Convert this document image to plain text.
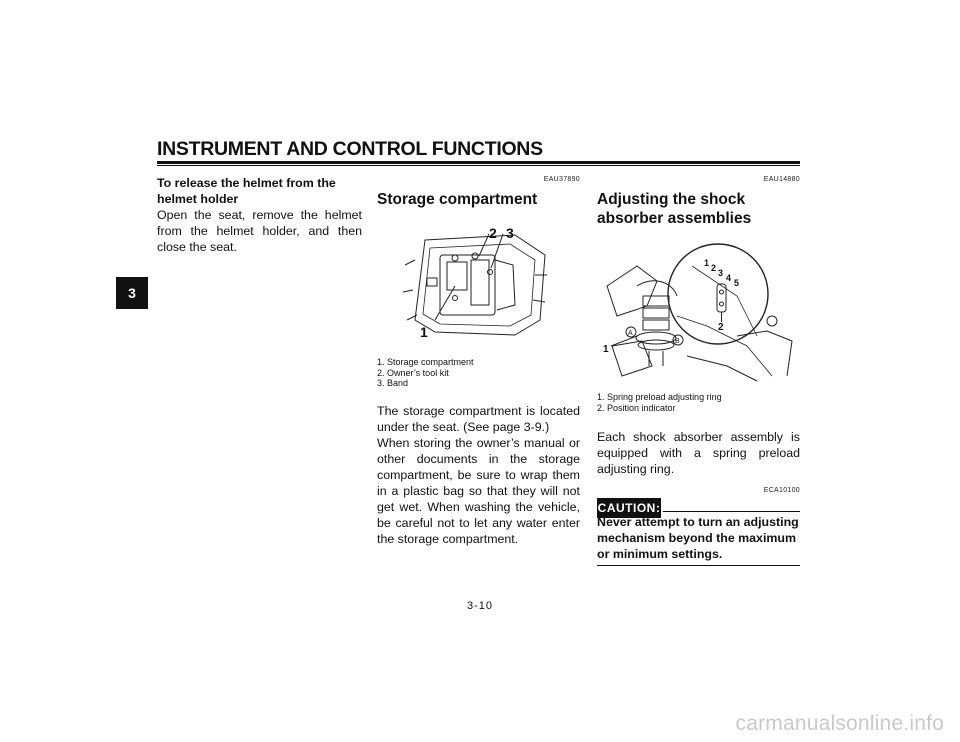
INSTRUMENT AND CONTROL FUNCTIONS
3

To release the helmet from the

helmet holder

Open the seat, remove the helmet from the helmet holder, and then close the seat.

EAU37890

Storage compartment

2 3
1
1. Storage compartment
2. Owner’s tool kit
3. Band

The storage compartment is located under the seat. (See page 3-9.)

When storing the owner’s manual or other documents in the storage compartment, be sure to wrap them in a plastic bag so that they will not get wet. When washing the vehicle, be careful not to let any water enter the storage compartment.

EAU14880

Adjusting the shock

absorber assemblies

1 2 3 4 5
A
B
1
2
1. Spring preload adjusting ring
2. Position indicator

Each shock absorber assembly is equipped with a spring preload adjusting ring.

ECA10100
CAUTION:

Never attempt to turn an adjusting mechanism beyond the maximum or minimum settings.

3-10
carmanualsonline.info
